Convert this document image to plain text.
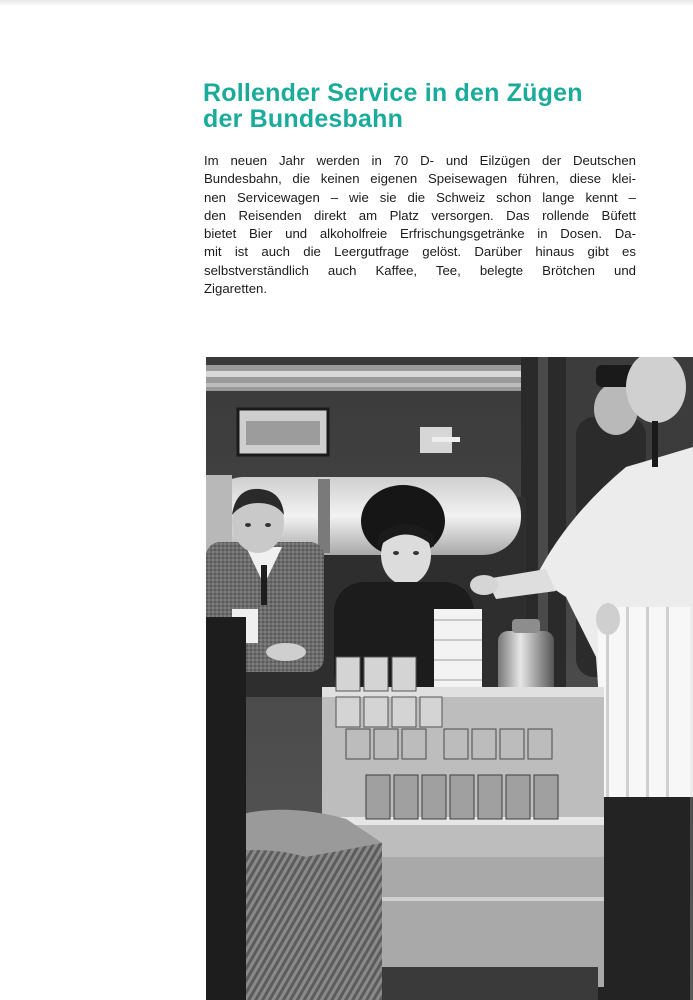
Rollender Service in den Zügen
der Bundesbahn
Im neuen Jahr werden in 70 D- und Eilzügen der Deutschen
Bundesbahn, die keinen eigenen Speisewagen führen, diese klei-
nen Servicewagen – wie sie die Schweiz schon lange kennt –
den Reisenden direkt am Platz versorgen. Das rollende Büfett
bietet Bier und alkoholfreie Erfrischungsgetränke in Dosen. Da-
mit ist auch die Leergutfrage gelöst. Darüber hinaus gibt es
selbstverständlich auch Kaffee, Tee, belegte Brötchen und
Zigaretten.
